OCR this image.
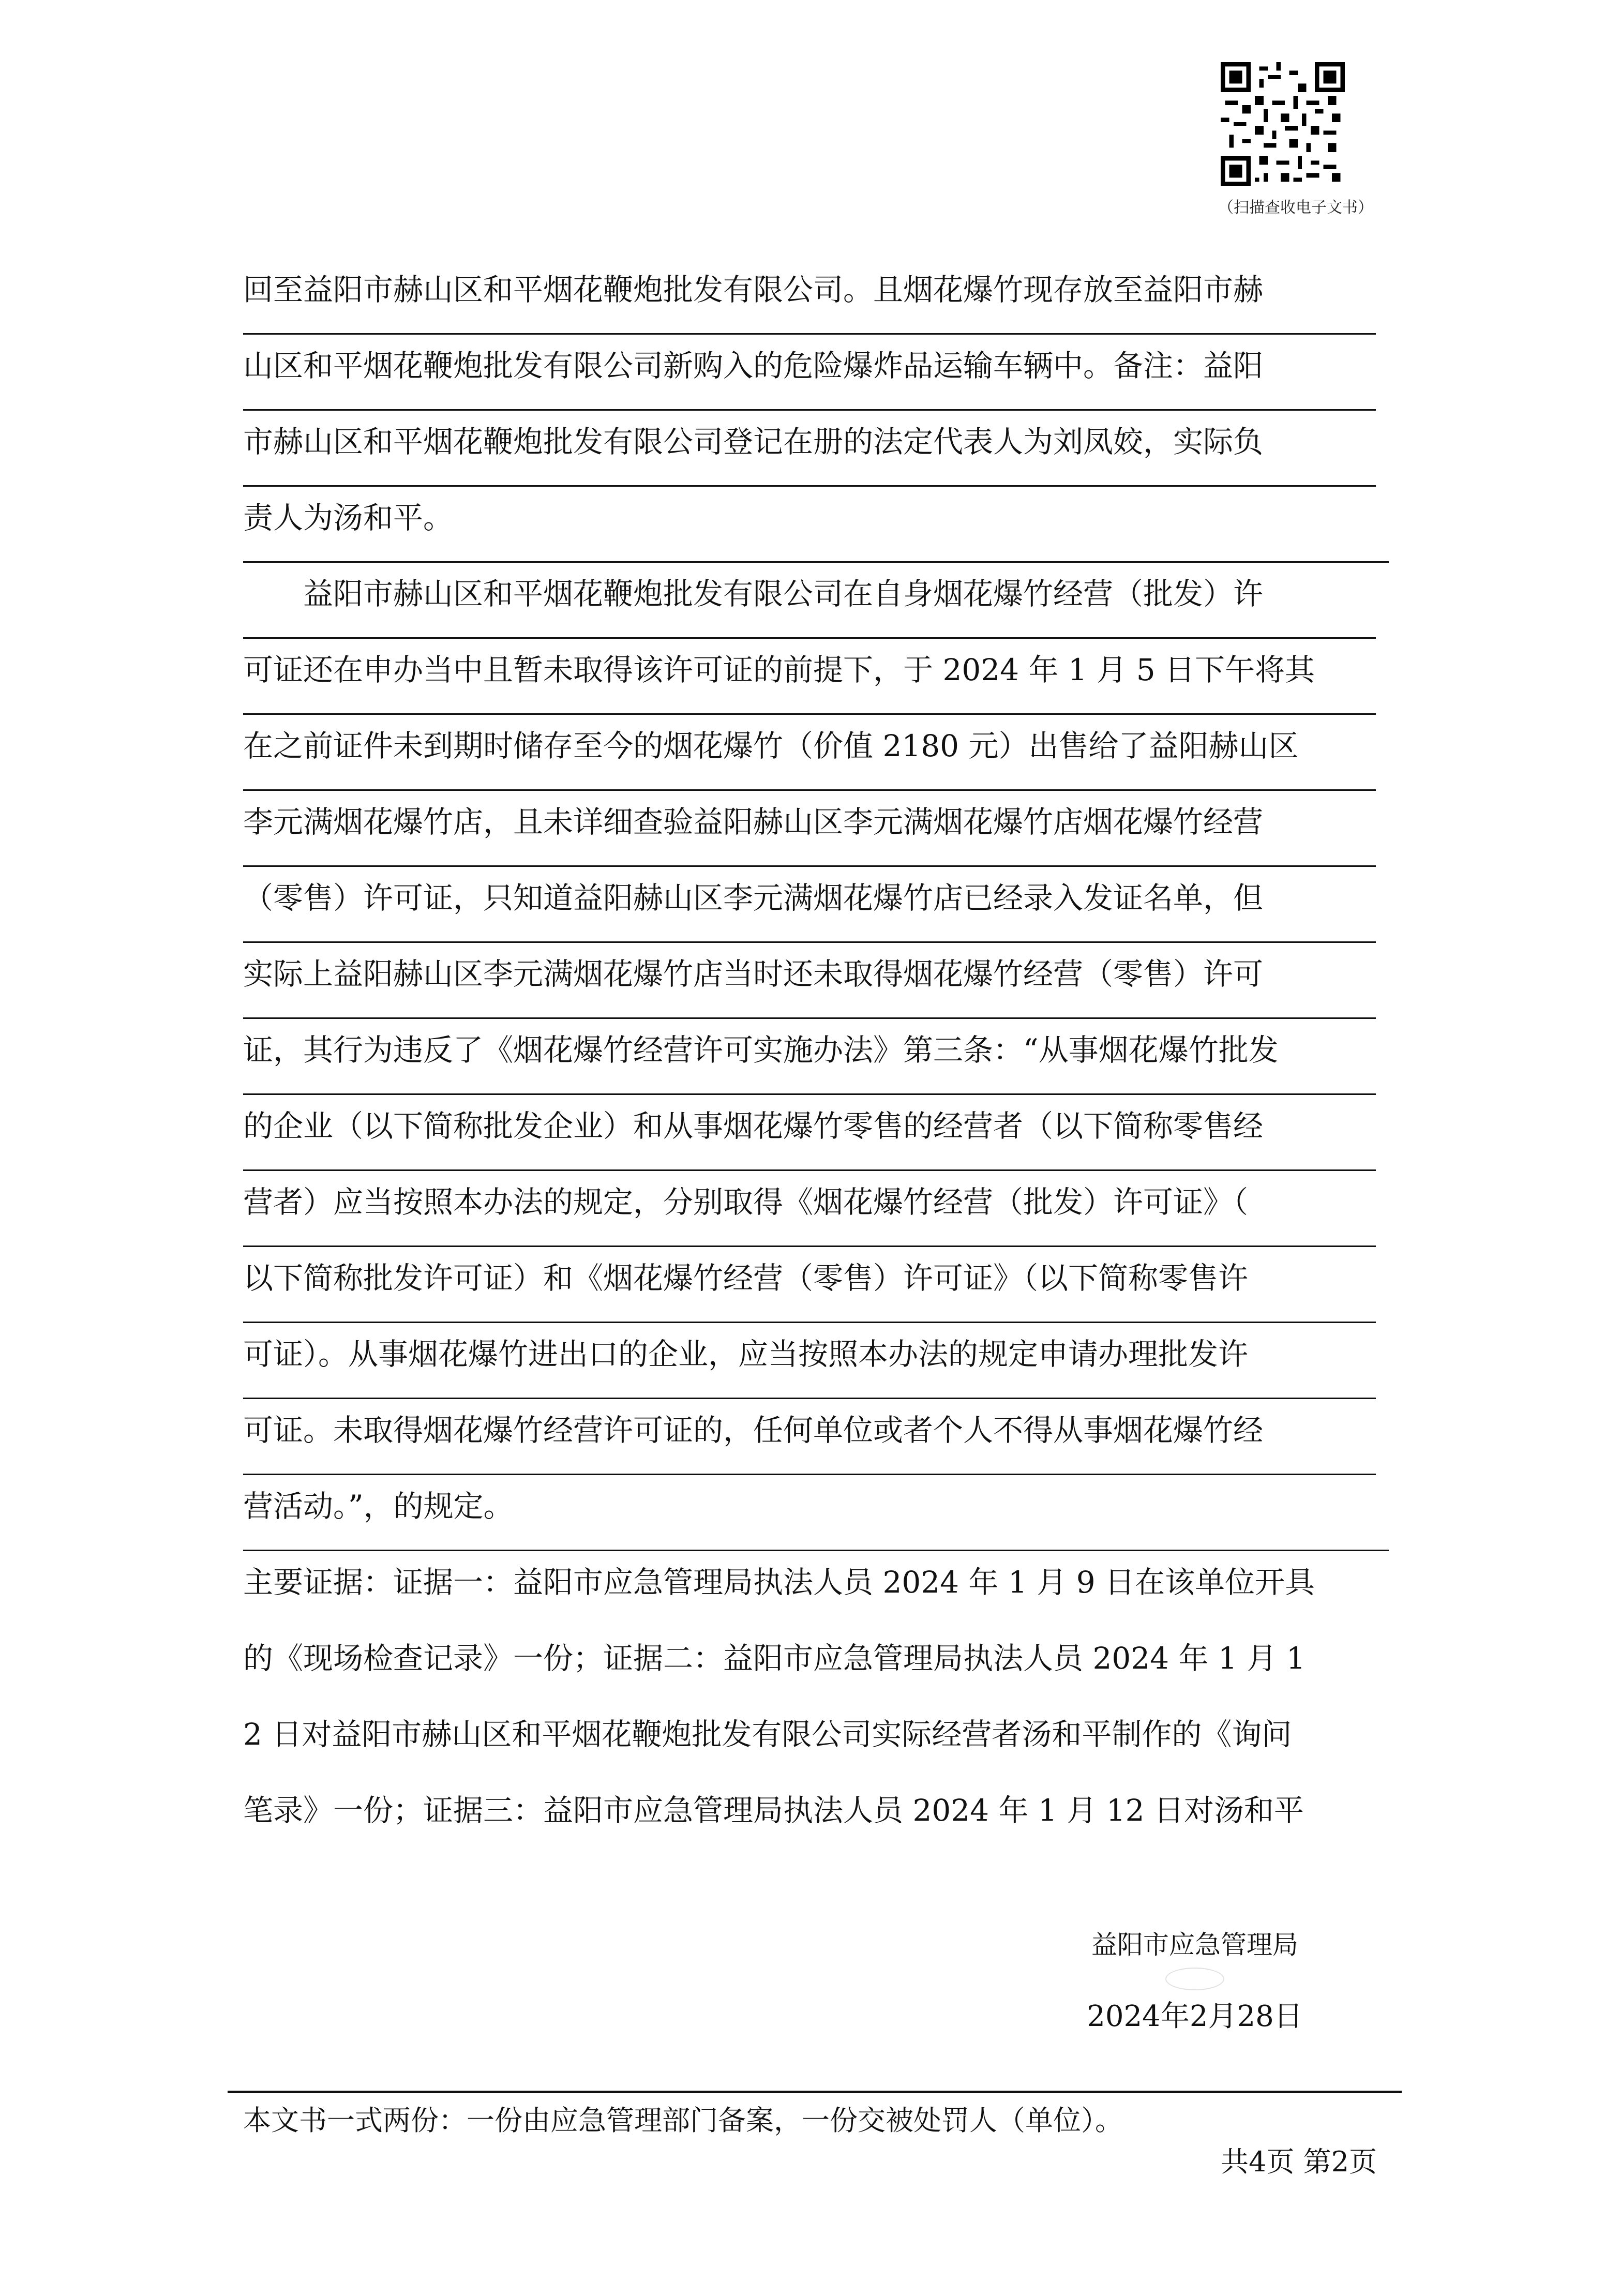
（扫描查收电子文书）
回至益阳市赫山区和平烟花鞭炮批发有限公司。且烟花爆竹现存放至益阳市赫
山区和平烟花鞭炮批发有限公司新购入的危险爆炸品运输车辆中。备注：益阳
市赫山区和平烟花鞭炮批发有限公司登记在册的法定代表人为刘凤姣，实际负
责人为汤和平。
益阳市赫山区和平烟花鞭炮批发有限公司在自身烟花爆竹经营（批发）许
可证还在申办当中且暂未取得该许可证的前提下，于 2024 年 1 月 5 日下午将其
在之前证件未到期时储存至今的烟花爆竹（价值 2180 元）出售给了益阳赫山区
李元满烟花爆竹店，且未详细查验益阳赫山区李元满烟花爆竹店烟花爆竹经营
（零售）许可证，只知道益阳赫山区李元满烟花爆竹店已经录入发证名单，但
实际上益阳赫山区李元满烟花爆竹店当时还未取得烟花爆竹经营（零售）许可
证，其行为违反了《烟花爆竹经营许可实施办法》第三条：“从事烟花爆竹批发
的企业（以下简称批发企业）和从事烟花爆竹零售的经营者（以下简称零售经
营者）应当按照本办法的规定，分别取得《烟花爆竹经营（批发）许可证》（
以下简称批发许可证）和《烟花爆竹经营（零售）许可证》（以下简称零售许
可证）。从事烟花爆竹进出口的企业，应当按照本办法的规定申请办理批发许
可证。未取得烟花爆竹经营许可证的，任何单位或者个人不得从事烟花爆竹经
营活动。”，的规定。
主要证据：证据一：益阳市应急管理局执法人员 2024 年 1 月 9 日在该单位开具
的《现场检查记录》一份；证据二：益阳市应急管理局执法人员 2024 年 1 月 1
2 日对益阳市赫山区和平烟花鞭炮批发有限公司实际经营者汤和平制作的《询问
笔录》一份；证据三：益阳市应急管理局执法人员 2024 年 1 月 12 日对汤和平
益阳市应急管理局
2024年2月28日
本文书一式两份：一份由应急管理部门备案，一份交被处罚人（单位）。
共4页 第2页
